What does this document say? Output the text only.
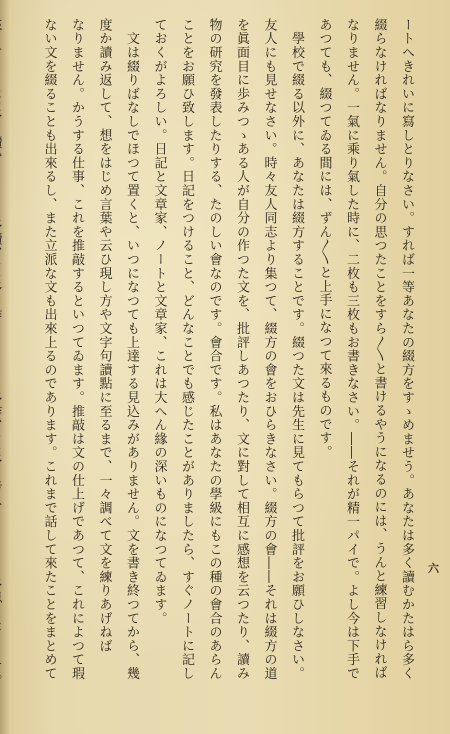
ートへきれいに寫しとりなさい。すれば一等あなたの綴方をすゝめませう。あなたは多く讀むかたはら多く
綴らなければなりません。自分の思つたことをすら〳〵と書けるやうになるのには、うんと練習しなければ
なりません。一氣に乘り氣した時に、二枚も三枚もお書きなさい。――それが精一パイで。よし今は下手で
あつても、綴つてゐる間には、ずん〳〵と上手になつて來るものです。
　學校で綴る以外に、あなたは綴方することです。綴つた文は先生に見てもらつて批評をお願ひしなさい。
友人にも見せなさい。時々友人同志より集つて、綴方の會をおひらきなさい。綴方の會――それは綴方の道
を眞面目に歩みつゝある人が自分の作つた文を、批評しあつたり、文に對して相互に感想を云つたり、讀み
物の研究を發表したりする、たのしい會なのです。會合です。私はあなたの學級にもこの種の會合のあらん
ことをお願ひ致します。日記をつけること、どんなことでも感じたことがありましたら、すぐノートに記し
ておくがよろしい。日記と文章家、ノートと文章家、これは大へん緣の深いものになつてゐます。
　文は綴りばなしでほつて置くと、いつになつても上達する見込みがありません。文を書き終つてから、幾
度か讀み返して、想をはじめ言葉や云ひ現し方や文字句讀點に至るまで、一々調べて文を練りあげねば
なりません。かうする仕事、これを推敲するといつてゐます。推敲は文の仕上げであつて、これによつて瑕
ない文を綴ることも出來るし、また立派な文も出來上るのであります。これまで話して來たことをまとめて	六
